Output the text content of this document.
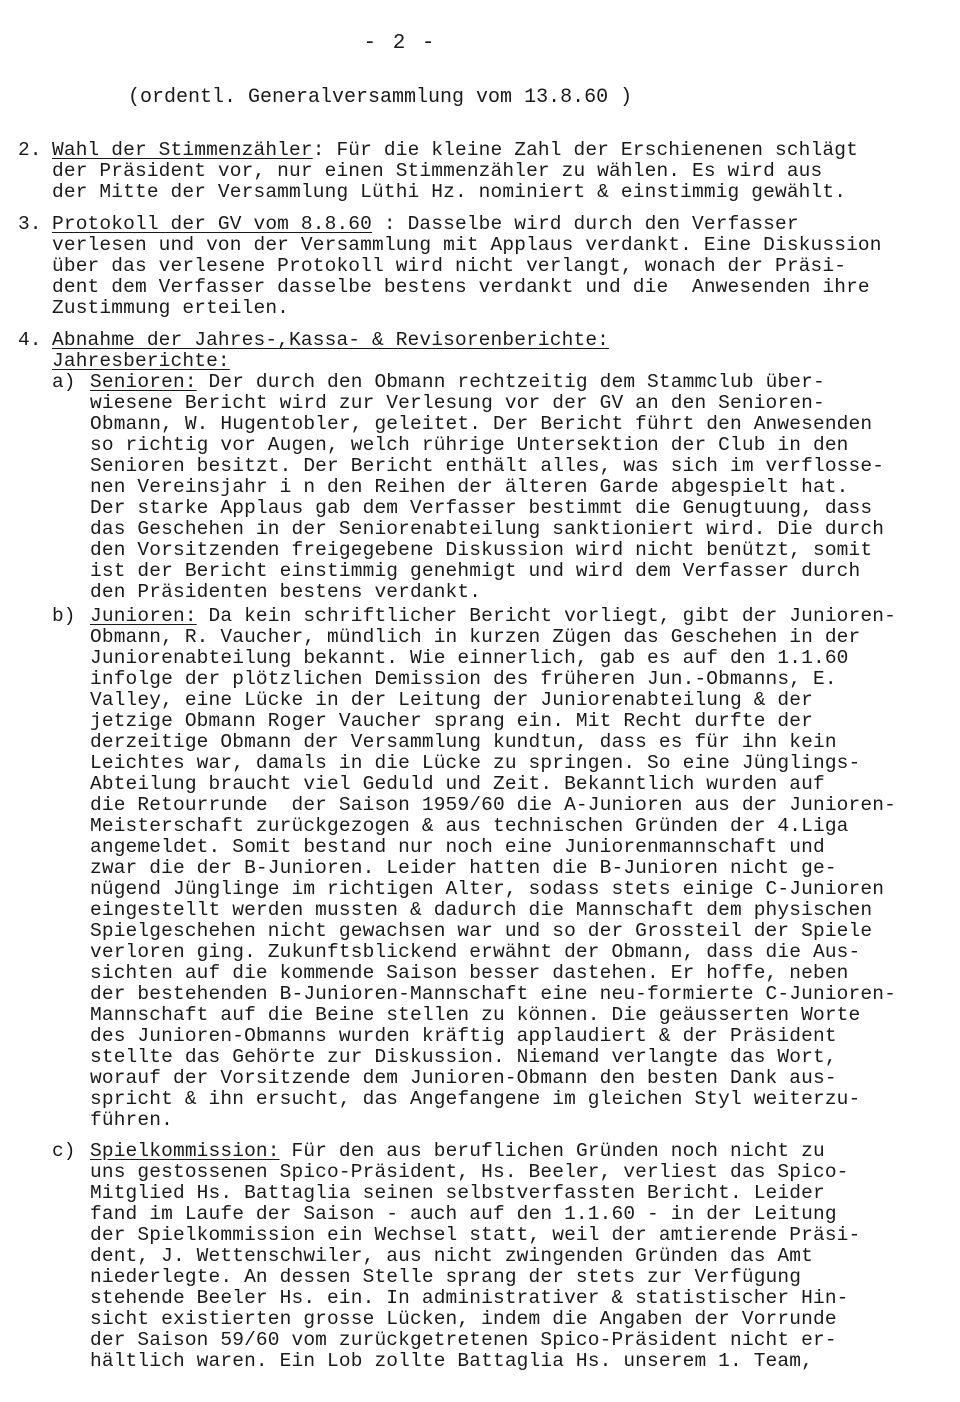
- 2 -
(ordentl. Generalversammlung vom 13.8.60 )
2. Wahl der Stimmenzähler: Für die kleine Zahl der Erschienenen schlägt
der Präsident vor, nur einen Stimmenzähler zu wählen. Es wird aus
der Mitte der Versammlung Lüthi Hz. nominiert & einstimmig gewählt.
3. Protokoll der GV vom 8.8.60 : Dasselbe wird durch den Verfasser
verlesen und von der Versammlung mit Applaus verdankt. Eine Diskussion
über das verlesene Protokoll wird nicht verlangt, wonach der Präsi-
dent dem Verfasser dasselbe bestens verdankt und die  Anwesenden ihre
Zustimmung erteilen.
4. Abnahme der Jahres-,Kassa- & Revisorenberichte:
Jahresberichte:
a) Senioren: Der durch den Obmann rechtzeitig dem Stammclub über-
wiesene Bericht wird zur Verlesung vor der GV an den Senioren-
Obmann, W. Hugentobler, geleitet. Der Bericht führt den Anwesenden
so richtig vor Augen, welch rührige Untersektion der Club in den
Senioren besitzt. Der Bericht enthält alles, was sich im verflosse-
nen Vereinsjahr i n den Reihen der älteren Garde abgespielt hat.
Der starke Applaus gab dem Verfasser bestimmt die Genugtuung, dass
das Geschehen in der Seniorenabteilung sanktioniert wird. Die durch
den Vorsitzenden freigegebene Diskussion wird nicht benützt, somit
ist der Bericht einstimmig genehmigt und wird dem Verfasser durch
den Präsidenten bestens verdankt.
b) Junioren: Da kein schriftlicher Bericht vorliegt, gibt der Junioren-
Obmann, R. Vaucher, mündlich in kurzen Zügen das Geschehen in der
Juniorenabteilung bekannt. Wie einnerlich, gab es auf den 1.1.60
infolge der plötzlichen Demission des früheren Jun.-Obmanns, E.
Valley, eine Lücke in der Leitung der Juniorenabteilung & der
jetzige Obmann Roger Vaucher sprang ein. Mit Recht durfte der
derzeitige Obmann der Versammlung kundtun, dass es für ihn kein
Leichtes war, damals in die Lücke zu springen. So eine Jünglings-
Abteilung braucht viel Geduld und Zeit. Bekanntlich wurden auf
die Retourrunde  der Saison 1959/60 die A-Junioren aus der Junioren-
Meisterschaft zurückgezogen & aus technischen Gründen der 4.Liga
angemeldet. Somit bestand nur noch eine Juniorenmannschaft und
zwar die der B-Junioren. Leider hatten die B-Junioren nicht ge-
nügend Jünglinge im richtigen Alter, sodass stets einige C-Junioren
eingestellt werden mussten & dadurch die Mannschaft dem physischen
Spielgeschehen nicht gewachsen war und so der Grossteil der Spiele
verloren ging. Zukunftsblickend erwähnt der Obmann, dass die Aus-
sichten auf die kommende Saison besser dastehen. Er hoffe, neben
der bestehenden B-Junioren-Mannschaft eine neu-formierte C-Junioren-
Mannschaft auf die Beine stellen zu können. Die geäusserten Worte
des Junioren-Obmanns wurden kräftig applaudiert & der Präsident
stellte das Gehörte zur Diskussion. Niemand verlangte das Wort,
worauf der Vorsitzende dem Junioren-Obmann den besten Dank aus-
spricht & ihn ersucht, das Angefangene im gleichen Styl weiterzu-
führen.
c) Spielkommission: Für den aus beruflichen Gründen noch nicht zu
uns gestossenen Spico-Präsident, Hs. Beeler, verliest das Spico-
Mitglied Hs. Battaglia seinen selbstverfassten Bericht. Leider
fand im Laufe der Saison - auch auf den 1.1.60 - in der Leitung
der Spielkommission ein Wechsel statt, weil der amtierende Präsi-
dent, J. Wettenschwiler, aus nicht zwingenden Gründen das Amt
niederlegte. An dessen Stelle sprang der stets zur Verfügung
stehende Beeler Hs. ein. In administrativer & statistischer Hin-
sicht existierten grosse Lücken, indem die Angaben der Vorrunde
der Saison 59/60 vom zurückgetretenen Spico-Präsident nicht er-
hältlich waren. Ein Lob zollte Battaglia Hs. unserem 1. Team,
